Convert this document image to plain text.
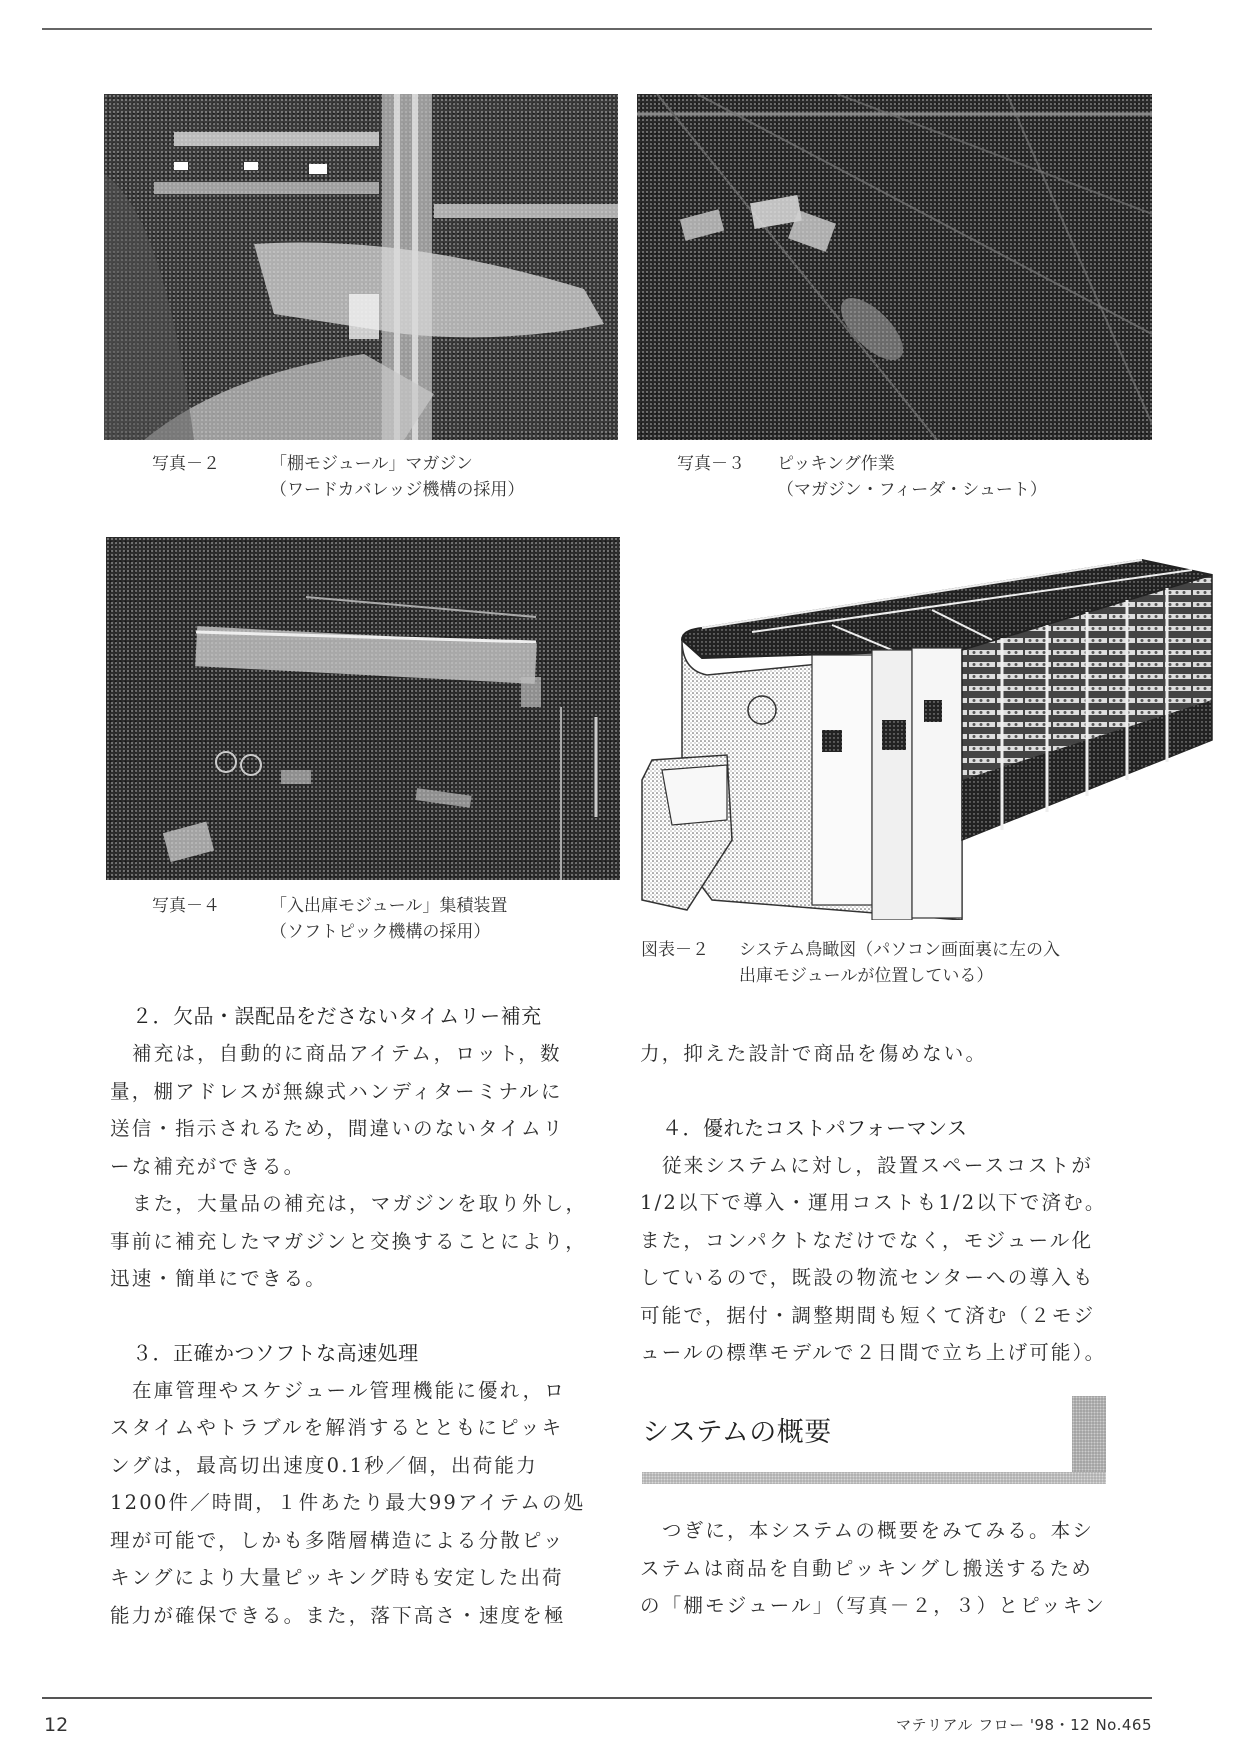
写真－２	「棚モジュール」マガジン
（ワードカバレッジ機構の採用）
写真－３ ピッキング作業
（マガジン・フィーダ・シュート）
写真－４	「入出庫モジュール」集積装置
（ソフトピック機構の採用）
図表－２ システム鳥瞰図（パソコン画面裏に左の入
出庫モジュールが位置している）

２．欠品・誤配品をださないタイムリー補充

補充は，自動的に商品アイテム，ロット，数

量，棚アドレスが無線式ハンディターミナルに

送信・指示されるため，間違いのないタイムリ

ーな補充ができる。

また，大量品の補充は，マガジンを取り外し，

事前に補充したマガジンと交換することにより，

迅速・簡単にできる。

３．正確かつソフトな高速処理

在庫管理やスケジュール管理機能に優れ，ロ

スタイムやトラブルを解消するとともにピッキ

ングは，最高切出速度0.1秒／個，出荷能力

1200件／時間，１件あたり最大99アイテムの処

理が可能で，しかも多階層構造による分散ピッ

キングにより大量ピッキング時も安定した出荷

能力が確保できる。また，落下高さ・速度を極

力，抑えた設計で商品を傷めない。

４．優れたコストパフォーマンス

従来システムに対し，設置スペースコストが

1/2以下で導入・運用コストも1/2以下で済む。

また，コンパクトなだけでなく，モジュール化

しているので，既設の物流センターへの導入も

可能で，据付・調整期間も短くて済む（２モジ

ュールの標準モデルで２日間で立ち上げ可能）。

システムの概要

つぎに，本システムの概要をみてみる。本シ

ステムは商品を自動ピッキングし搬送するため

の「棚モジュール」（写真－２，３）とピッキン

12	マテリアル フロー '98・12 No.465
